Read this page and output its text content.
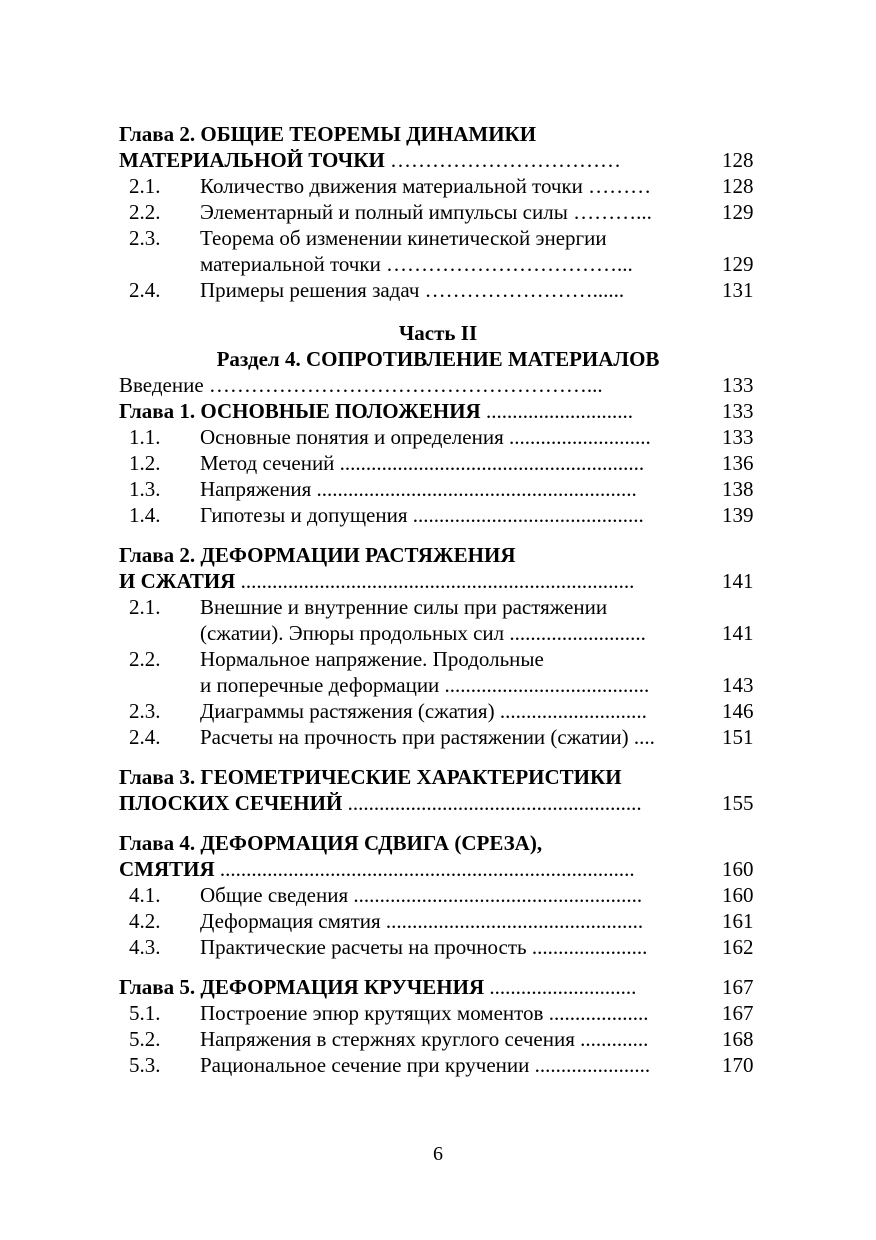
Глава 2. ОБЩИЕ ТЕОРЕМЫ ДИНАМИКИ
МАТЕРИАЛЬНОЙ ТОЧКИ ……………………………	128
2.1. Количество движения материальной точки ………	128
2.2. Элементарный и полный импульсы силы ………...	129
2.3. Теорема об изменении кинетической энергии
материальной точки ……………………………...	129
2.4. Примеры решения задач ……………………......	131
Часть II
Раздел 4. СОПРОТИВЛЕНИЕ МАТЕРИАЛОВ
Введение ………………………………………………...	133
Глава 1. ОСНОВНЫЕ ПОЛОЖЕНИЯ ............................	133
1.1. Основные понятия и определения ...........................	133
1.2. Метод сечений ..........................................................	136
1.3. Напряжения .............................................................	138
1.4. Гипотезы и допущения ............................................	139
Глава 2. ДЕФОРМАЦИИ РАСТЯЖЕНИЯ
И СЖАТИЯ ...........................................................................	141
2.1. Внешние и внутренние силы при растяжении
(сжатии). Эпюры продольных сил ..........................	141
2.2. Нормальное напряжение. Продольные
и поперечные деформации .......................................	143
2.3. Диаграммы растяжения (сжатия) ............................	146
2.4. Расчеты на прочность при растяжении (сжатии) ....	151
Глава 3. ГЕОМЕТРИЧЕСКИЕ ХАРАКТЕРИСТИКИ
ПЛОСКИХ СЕЧЕНИЙ ........................................................	155
Глава 4. ДЕФОРМАЦИЯ СДВИГА (СРЕЗА),
СМЯТИЯ ...............................................................................	160
4.1. Общие сведения .......................................................	160
4.2. Деформация смятия .................................................	161
4.3. Практические расчеты на прочность ......................	162
Глава 5. ДЕФОРМАЦИЯ КРУЧЕНИЯ ............................	167
5.1. Построение эпюр крутящих моментов ...................	167
5.2. Напряжения в стержнях круглого сечения .............	168
5.3. Рациональное сечение при кручении ......................	170
6
